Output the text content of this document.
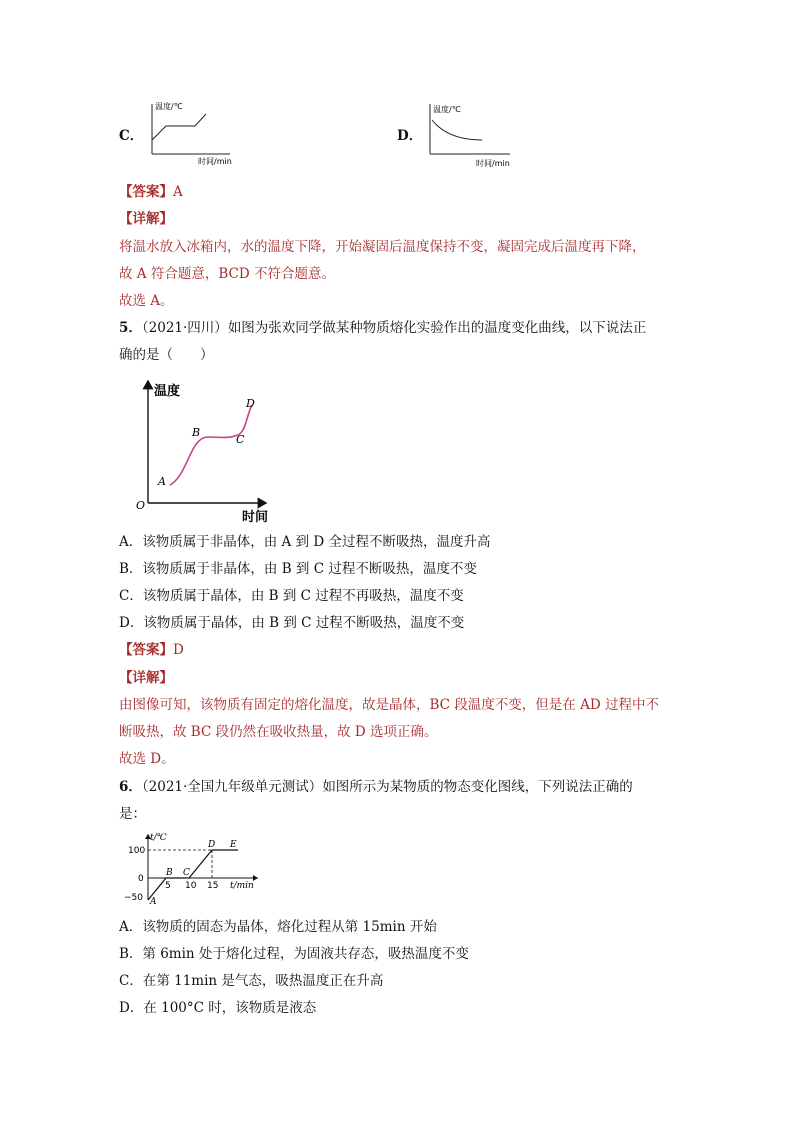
C．
温度/℃
时间/min
D．
温度/℃
时间/min
【答案】A
【详解】
将温水放入冰箱内，水的温度下降，开始凝固后温度保持不变，凝固完成后温度再下降，
故 A 符合题意，BCD 不符合题意。
故选 A。
5．（2021·四川）如图为张欢同学做某种物质熔化实验作出的温度变化曲线，以下说法正
确的是（　　）
温度
时间
O
A
B
C
D
A．该物质属于非晶体，由 A 到 D 全过程不断吸热，温度升高
B．该物质属于非晶体，由 B 到 C 过程不断吸热，温度不变
C．该物质属于晶体，由 B 到 C 过程不再吸热，温度不变
D．该物质属于晶体，由 B 到 C 过程不断吸热，温度不变
【答案】D
【详解】
由图像可知，该物质有固定的熔化温度，故是晶体，BC 段温度不变，但是在 AD 过程中不
断吸热，故 BC 段仍然在吸收热量，故 D 选项正确。
故选 D。
6．（2021·全国九年级单元测试）如图所示为某物质的物态变化图线，下列说法正确的
是：
t/℃
t/min
100
0
−50
5 10 15
A
B C
D E
A．该物质的固态为晶体，熔化过程从第 15min 开始
B．第 6min 处于熔化过程，为固液共存态，吸热温度不变
C．在第 11min 是气态，吸热温度正在升高
D．在 100°C 时，该物质是液态
